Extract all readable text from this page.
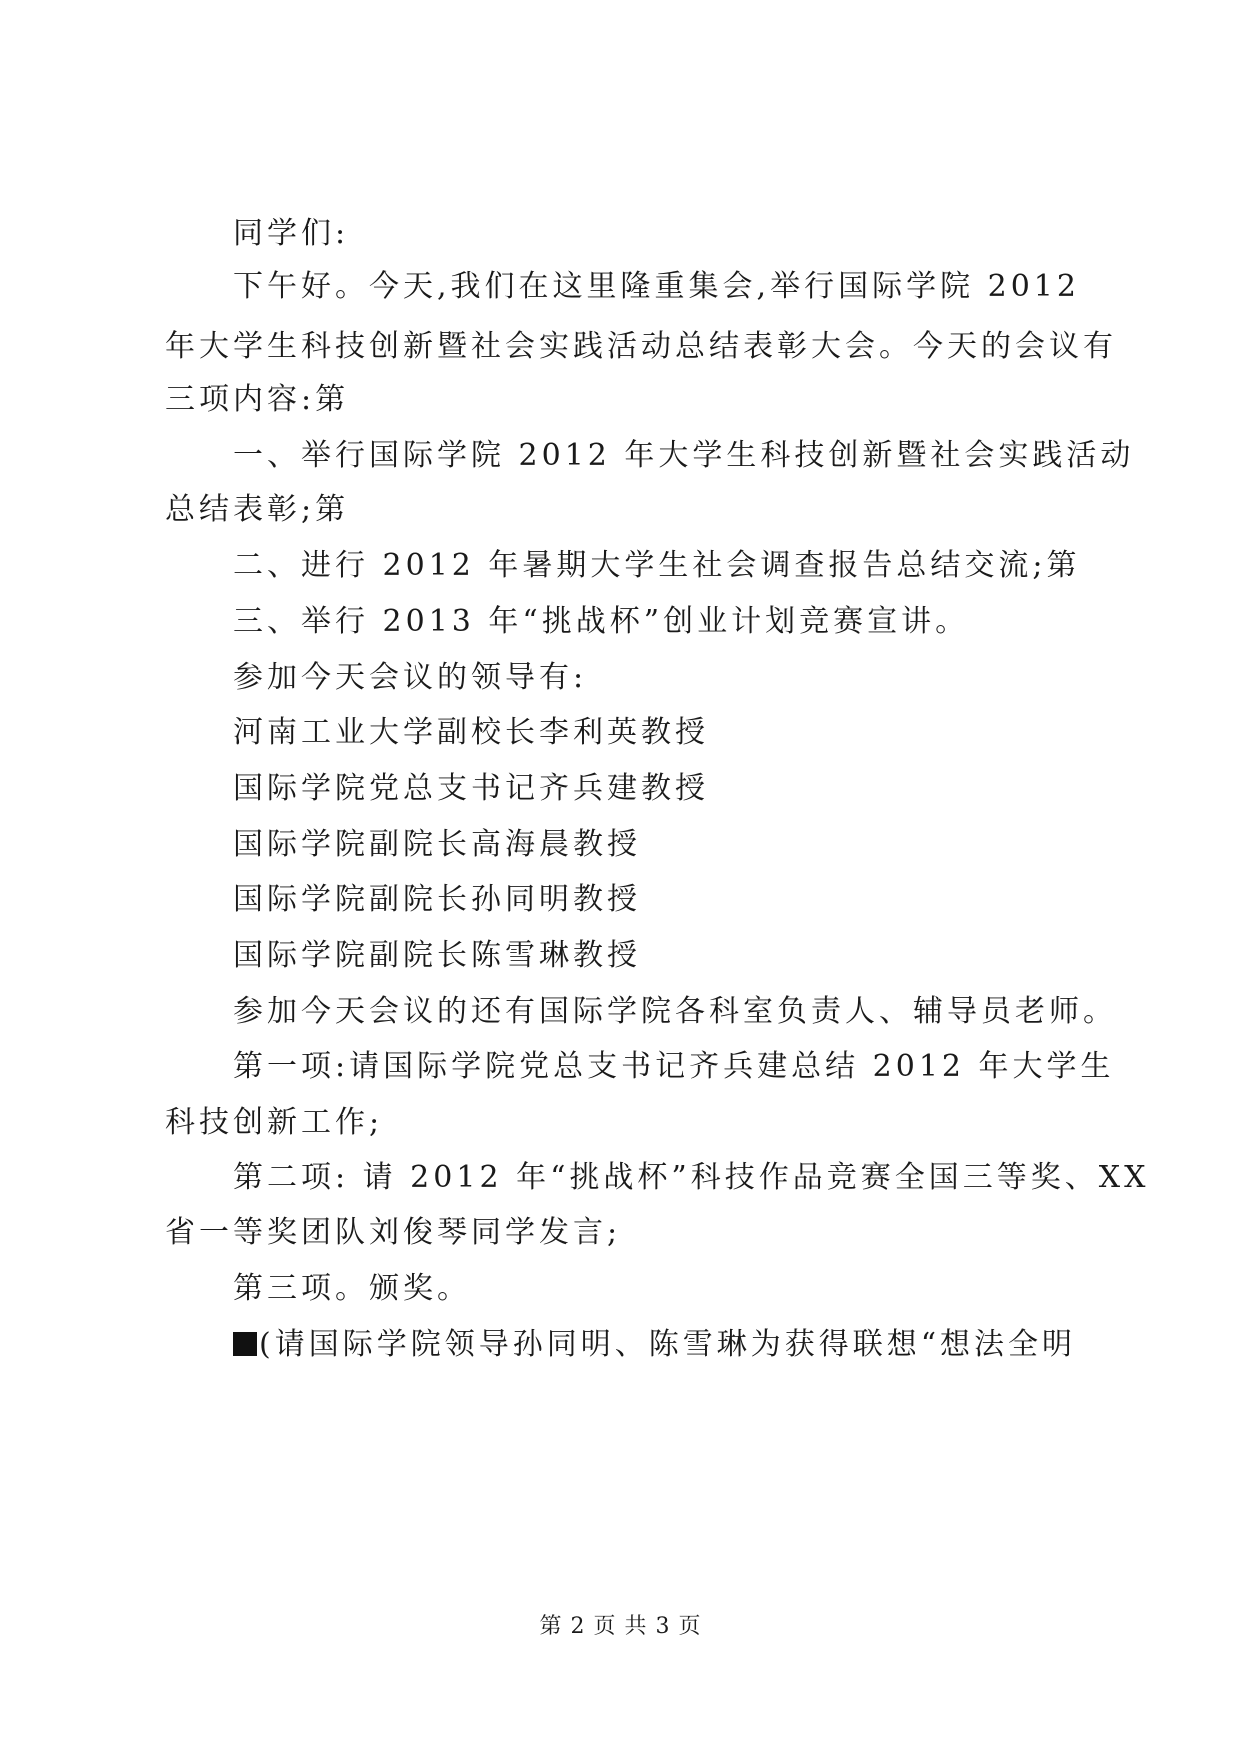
同学们:
下午好。今天,我们在这里隆重集会,举行国际学院 2012
年大学生科技创新暨社会实践活动总结表彰大会。今天的会议有
三项内容:第
一、举行国际学院 2012 年大学生科技创新暨社会实践活动
总结表彰;第
二、进行 2012 年暑期大学生社会调查报告总结交流;第
三、举行 2013 年“挑战杯”创业计划竞赛宣讲。
参加今天会议的领导有:
河南工业大学副校长李利英教授
国际学院党总支书记齐兵建教授
国际学院副院长高海晨教授
国际学院副院长孙同明教授
国际学院副院长陈雪琳教授
参加今天会议的还有国际学院各科室负责人、辅导员老师。
第一项:请国际学院党总支书记齐兵建总结 2012 年大学生
科技创新工作;
第二项: 请 2012 年“挑战杯”科技作品竞赛全国三等奖、XX
省一等奖团队刘俊琴同学发言;
第三项。颁奖。
(请国际学院领导孙同明、陈雪琳为获得联想“想法全明
第 2 页 共 3 页
